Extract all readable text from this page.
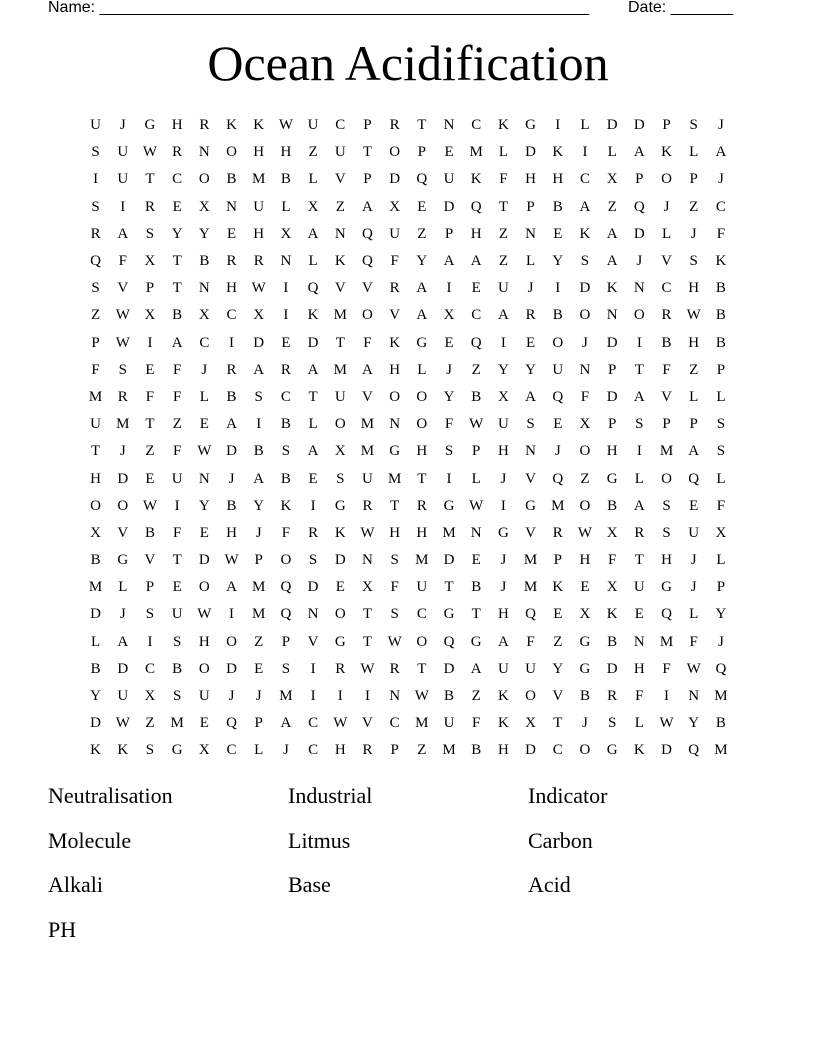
Name: _______________________________________________________ Date: _______
Ocean Acidification
U	J	G	H	R	K	K W U	C	P	R	T	N	C	K	G	I	L	D	D	P	S	J
S	U W	R	N	O	H	H	Z	U	T	O	P	E	M	L	D	K	I	L	A	K	L	A
I	U	T	C	O	B	M	B	L	V	P	D	Q	U	K	F	H	H	C	X	P	O	P	J
S	I	R	E	X	N	U	L	X	Z	A	X	E	D	Q	T	P	B	A	Z	Q	J	Z	C
R	A	S	Y	Y	E	H	X	A	N	Q	U	Z	P	H	Z	N	E	K	A	D	L	J	F
Q	F	X	T	B	R	R	N	L	K	Q	F	Y	A	A	Z	L	Y	S	A	J	V	S	K
S	V	P	T	N	H W	I	Q	V	V	R	A	I	E	U	J	I	D	K	N	C	H	B
Z	W X	B	X	C	X	I	K	M	O	V	A	X	C	A	R	B	O	N	O	R	W	B
P	W	I	A	C	I	D	E	D	T	F	K	G	E	Q	I	E	O	J	D	I	B	H	B
F	S	E	F	J	R	A	R	A	M	A	H	L	J	Z	Y	Y	U	N	P	T	F	Z	P
M	R	F	F	L	B	S	C	T	U	V	O	O	Y	B	X	A	Q	F	D	A	V	L	L
U	M	T	Z	E	A	I	B	L	O	M	N	O	F	W U	S	E	X	P	S	P	P	S
T	J	Z	F	W D	B	S	A	X	M	G	H	S	P	H	N	J	O	H	I	M	A	S
H	D	E	U	N	J	A	B	E	S	U	M	T	I	L	J	V	Q	Z	G	L	O	Q	L
O	O W	I	Y	B	Y	K	I	G	R	T	R	G W	I	G	M	O	B	A	S	E	F
X	V	B	F	E	H	J	F	R	K W H	H	M	N	G	V	R	W X	R	S	U	X
B	G	V	T	D W	P	O	S	D	N	S	M	D	E	J	M	P	H	F	T	H	J	L
M	L	P	E	O	A	M	Q	D	E	X	F	U	T	B	J	M	K	E	X	U	G	J	P
D	J	S	U W	I	M	Q	N	O	T	S	C	G	T	H	Q	E	X	K	E	Q	L	Y
L	A	I	S	H	O	Z	P	V	G	T	W O	Q	G	A	F	Z	G	B	N	M	F	J
B	D	C	B	O	D	E	S	I	R	W	R	T	D	A	U	U	Y	G	D	H	F	W Q
Y	U	X	S	U	J	J	M	I	I	I	N W	B	Z	K	O	V	B	R	F	I	N	M
D W	Z	M	E	Q	P	A	C	W V	C	M	U	F	K	X	T	J	S	L	W Y	B
K	K	S	G	X	C	L	J	C	H	R	P	Z	M	B	H	D	C	O	G	K	D	Q	M
Neutralisation	Industrial	Indicator
Molecule	Litmus	Carbon
Alkali	Base	Acid
PH
